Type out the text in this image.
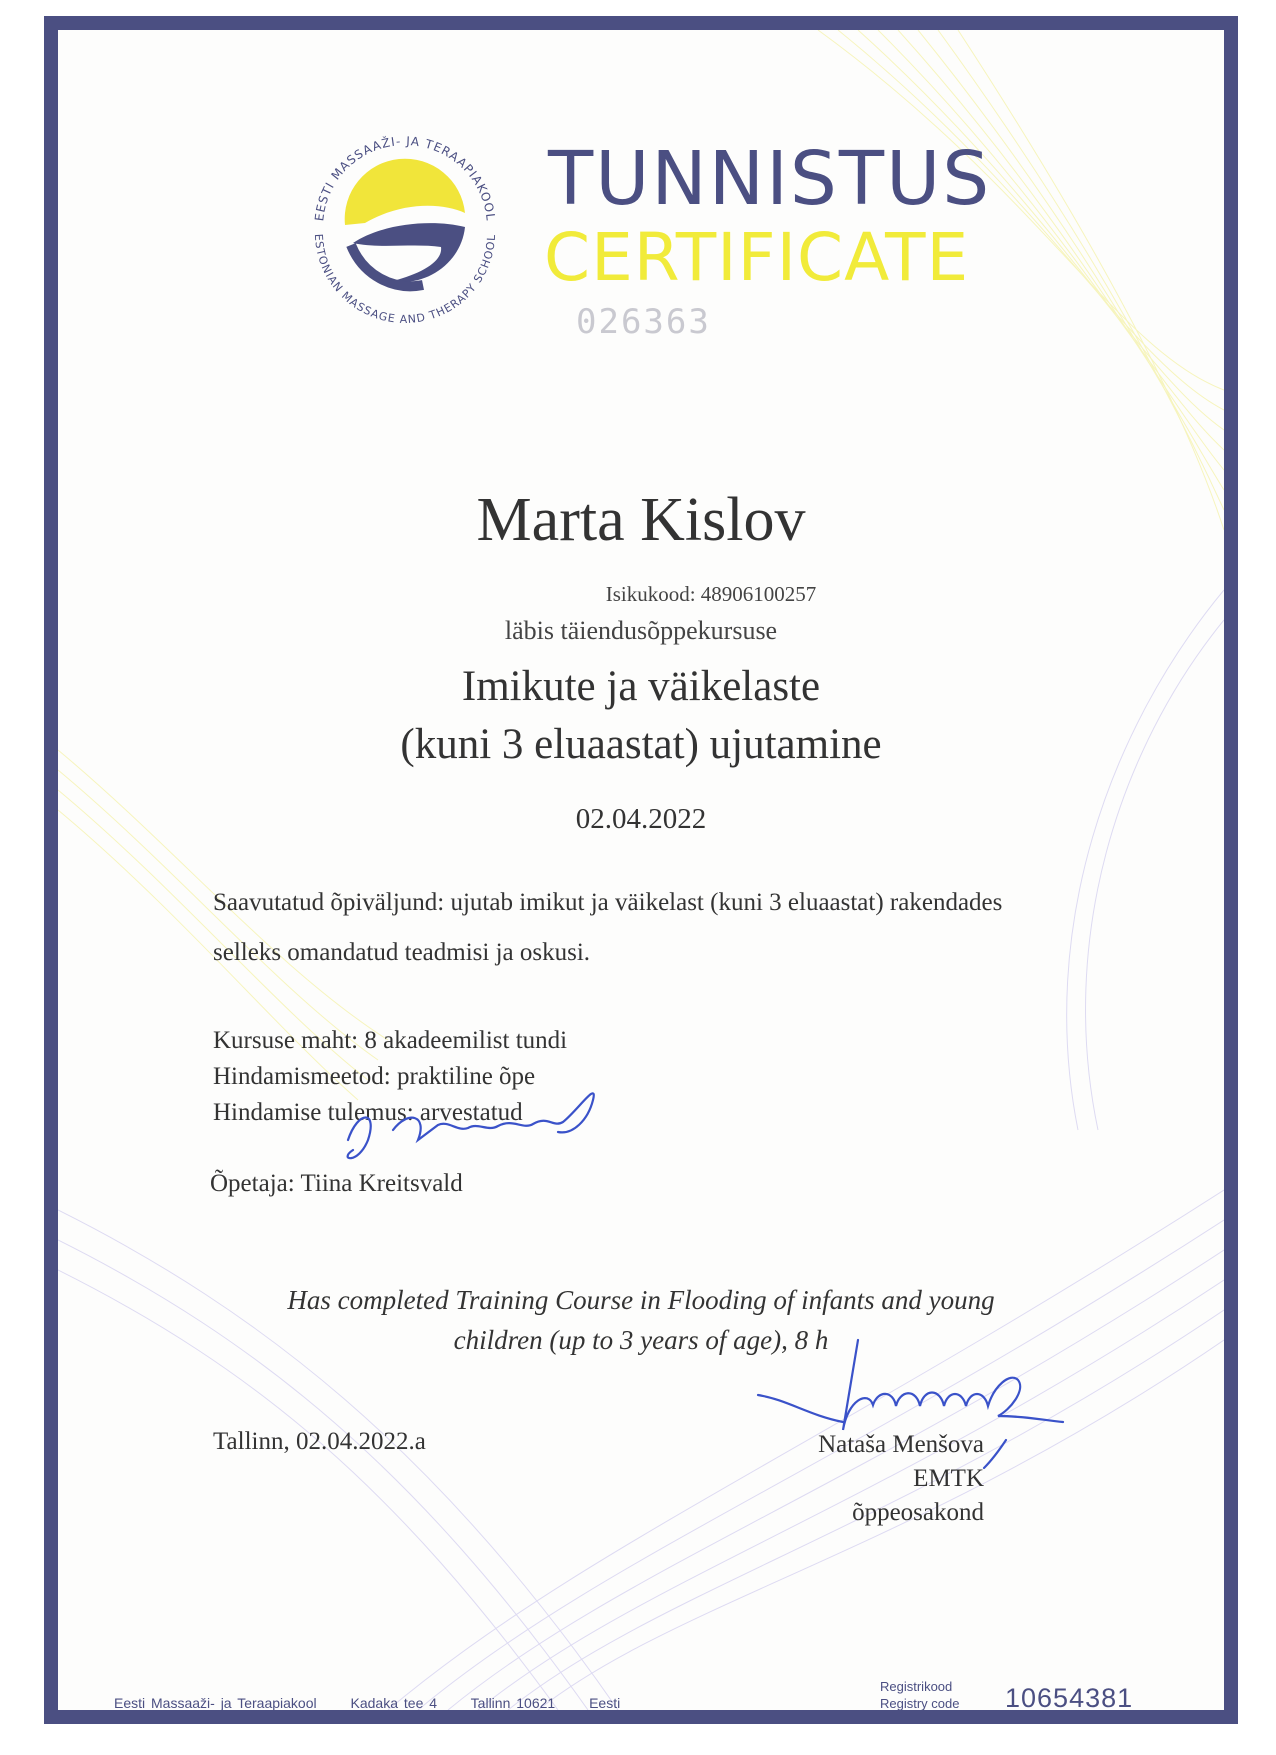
EESTI MASSAAŽI- JA TERAAPIAKOOL
ESTONIAN MASSAGE AND THERAPY SCHOOL
TUNNISTUS
CERTIFICATE
026363
Marta Kislov
Isikukood: 48906100257
läbis täiendusõppekursuse
Imikute ja väikelaste
(kuni 3 eluaastat) ujutamine
02.04.2022
Saavutatud õpiväljund: ujutab imikut ja väikelast (kuni 3 eluaastat) rakendades selleks omandatud teadmisi ja oskusi.
Kursuse maht: 8 akadeemilist tundi
Hindamismeetod: praktiline õpe
Hindamise tulemus: arvestatud
Õpetaja: Tiina Kreitsvald
Has completed Training Course in Flooding of infants and young
children (up to 3 years of age), 8 h
Tallinn, 02.04.2022.a	Nataša Menšova
EMTK õppeosakond
Eesti Massaaži- ja Teraapiakool Kadaka tee 4 Tallinn 10621 Eesti
Registrikood
Registry code 10654381
